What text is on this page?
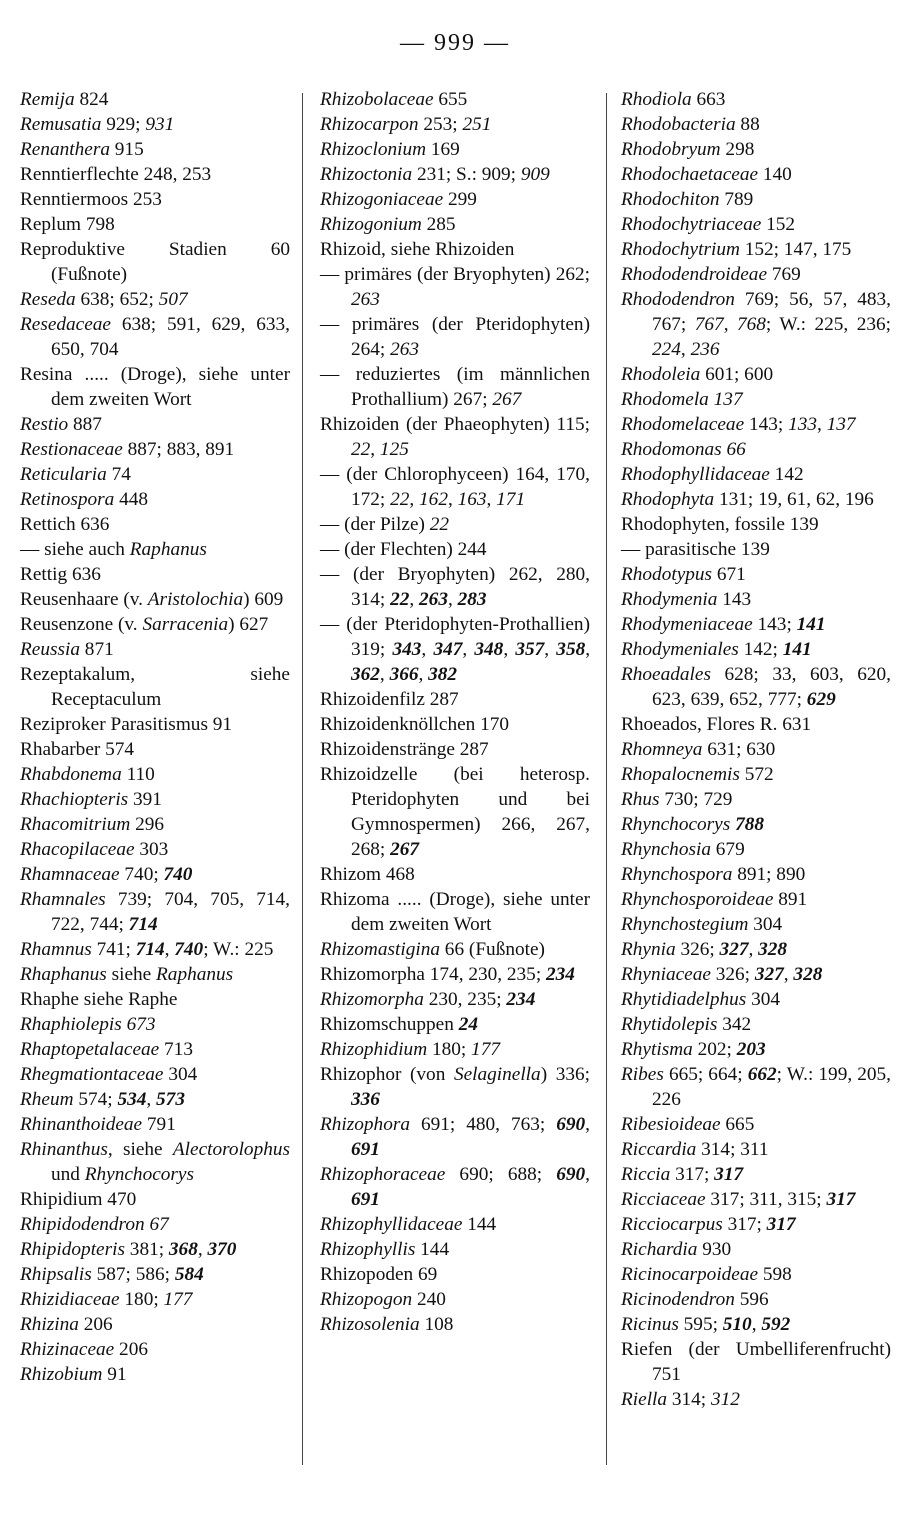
— 999 —
Remija 824
Remusatia 929; 931
Renanthera 915
Renntierflechte 248, 253
Renntiermoos 253
Replum 798
Reproduktive Stadien 60 (Fußnote)
Reseda 638; 652; 507
Resedaceae 638; 591, 629, 633, 650, 704
Resina ..... (Droge), siehe unter dem zweiten Wort
Restio 887
Restionaceae 887; 883, 891
Reticularia 74
Retinospora 448
Rettich 636
— siehe auch Raphanus
Rettig 636
Reusenhaare (v. Aristolochia) 609
Reusenzone (v. Sarracenia) 627
Reussia 871
Rezeptakalum, siehe Receptaculum
Reziproker Parasitismus 91
Rhabarber 574
Rhabdonema 110
Rhachiopteris 391
Rhacomitrium 296
Rhacopilaceae 303
Rhamnaceae 740; 740
Rhamnales 739; 704, 705, 714, 722, 744; 714
Rhamnus 741; 714, 740; W.: 225
Rhaphanus siehe Raphanus
Rhaphe siehe Raphe
Rhaphiolepis 673
Rhaptopetalaceae 713
Rhegmationtaceae 304
Rheum 574; 534, 573
Rhinanthoideae 791
Rhinanthus, siehe Alectorolophus und Rhynchocorys
Rhipidium 470
Rhipidodendron 67
Rhipidopteris 381; 368, 370
Rhipsalis 587; 586; 584
Rhizidiaceae 180; 177
Rhizina 206
Rhizinaceae 206
Rhizobium 91
Rhizobolaceae 655
Rhizocarpon 253; 251
Rhizoclonium 169
Rhizoctonia 231; S.: 909; 909
Rhizogoniaceae 299
Rhizogonium 285
Rhizoid, siehe Rhizoiden
— primäres (der Bryophyten) 262; 263
— primäres (der Pteridophyten) 264; 263
— reduziertes (im männlichen Prothallium) 267; 267
Rhizoiden (der Phaeophyten) 115; 22, 125
— (der Chlorophyceen) 164, 170, 172; 22, 162, 163, 171
— (der Pilze) 22
— (der Flechten) 244
— (der Bryophyten) 262, 280, 314; 22, 263, 283
— (der Pteridophyten-Prothallien) 319; 343, 347, 348, 357, 358, 362, 366, 382
Rhizoidenfilz 287
Rhizoidenknöllchen 170
Rhizoidenstränge 287
Rhizoidzelle (bei heterosp. Pteridophyten und bei Gymnospermen) 266, 267, 268; 267
Rhizom 468
Rhizoma ..... (Droge), siehe unter dem zweiten Wort
Rhizomastigina 66 (Fußnote)
Rhizomorpha 174, 230, 235; 234
Rhizomorpha 230, 235; 234
Rhizomschuppen 24
Rhizophidium 180; 177
Rhizophor (von Selaginella) 336; 336
Rhizophora 691; 480, 763; 690, 691
Rhizophoraceae 690; 688; 690, 691
Rhizophyllidaceae 144
Rhizophyllis 144
Rhizopoden 69
Rhizopogon 240
Rhizosolenia 108
Rhodiola 663
Rhodobacteria 88
Rhodobryum 298
Rhodochaetaceae 140
Rhodochiton 789
Rhodochytriaceae 152
Rhodochytrium 152; 147, 175
Rhododendroideae 769
Rhododendron 769; 56, 57, 483, 767; 767, 768; W.: 225, 236; 224, 236
Rhodoleia 601; 600
Rhodomela 137
Rhodomelaceae 143; 133, 137
Rhodomonas 66
Rhodophyllidaceae 142
Rhodophyta 131; 19, 61, 62, 196
Rhodophyten, fossile 139
— parasitische 139
Rhodotypus 671
Rhodymenia 143
Rhodymeniaceae 143; 141
Rhodymeniales 142; 141
Rhoeadales 628; 33, 603, 620, 623, 639, 652, 777; 629
Rhoeados, Flores R. 631
Rhomneya 631; 630
Rhopalocnemis 572
Rhus 730; 729
Rhynchocorys 788
Rhynchosia 679
Rhynchospora 891; 890
Rhynchosporoideae 891
Rhynchostegium 304
Rhynia 326; 327, 328
Rhyniaceae 326; 327, 328
Rhytidiadelphus 304
Rhytidolepis 342
Rhytisma 202; 203
Ribes 665; 664; 662; W.: 199, 205, 226
Ribesioideae 665
Riccardia 314; 311
Riccia 317; 317
Ricciaceae 317; 311, 315; 317
Ricciocarpus 317; 317
Richardia 930
Ricinocarpoideae 598
Ricinodendron 596
Ricinus 595; 510, 592
Riefen (der Umbelliferenfrucht) 751
Riella 314; 312
